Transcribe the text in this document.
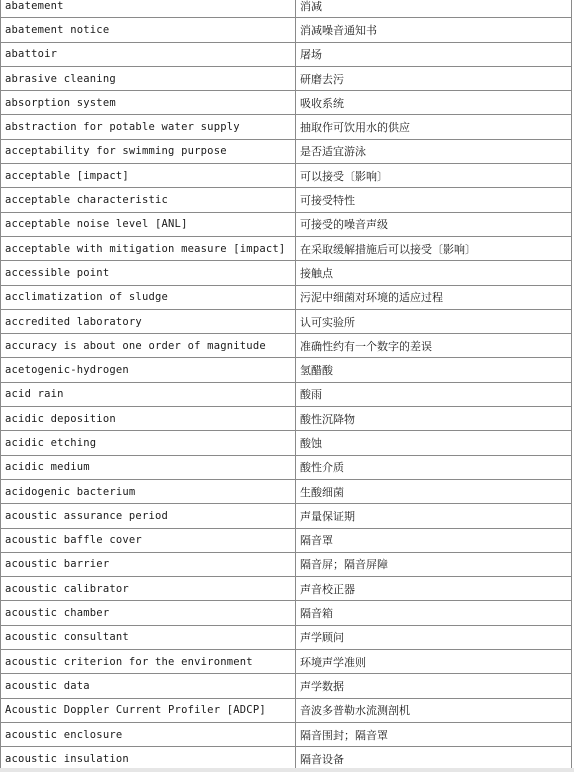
abatement	消减
abatement notice	消减噪音通知书
abattoir	屠场
abrasive cleaning	研磨去污
absorption system	吸收系统
abstraction for potable water supply	抽取作可饮用水的供应
acceptability for swimming purpose	是否适宜游泳
acceptable [impact]	可以接受〔影响〕
acceptable characteristic	可接受特性
acceptable noise level [ANL]	可接受的噪音声级
acceptable with mitigation measure [impact]	在采取缓解措施后可以接受〔影响〕
accessible point	接触点
acclimatization of sludge	污泥中细菌对环境的适应过程
accredited laboratory	认可实验所
accuracy is about one order of magnitude	准确性约有一个数字的差误
acetogenic-hydrogen	氢醋酸
acid rain	酸雨
acidic deposition	酸性沉降物
acidic etching	酸蚀
acidic medium	酸性介质
acidogenic bacterium	生酸细菌
acoustic assurance period	声量保证期
acoustic baffle cover	隔音罩
acoustic barrier	隔音屏；隔音屏障
acoustic calibrator	声音校正器
acoustic chamber	隔音箱
acoustic consultant	声学顾问
acoustic criterion for the environment	环境声学准则
acoustic data	声学数据
Acoustic Doppler Current Profiler [ADCP]	音波多普勒水流测剖机
acoustic enclosure	隔音围封；隔音罩
acoustic insulation	隔音设备
